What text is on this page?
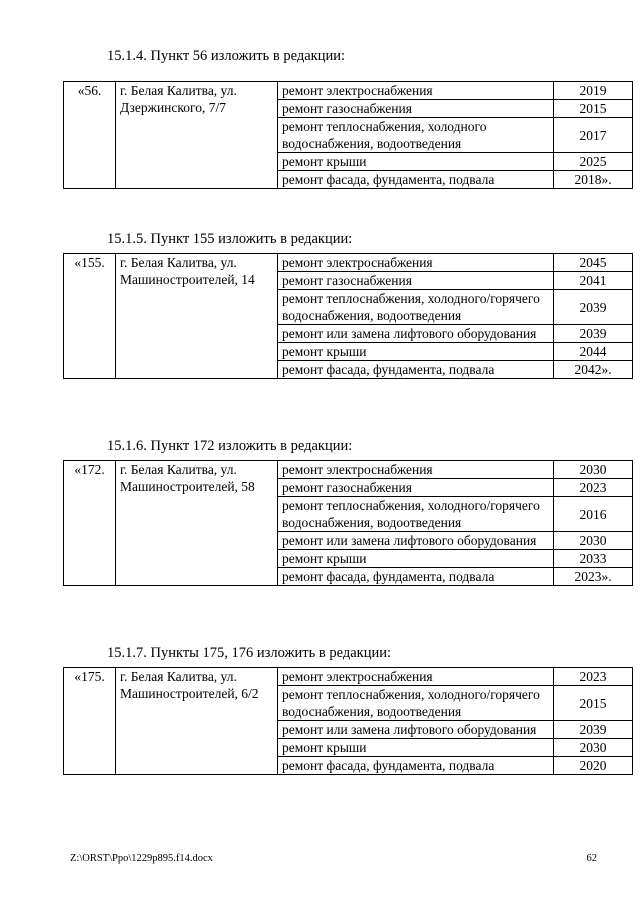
15.1.4. Пункт 56 изложить в редакции:
«56.	г. Белая Калитва, ул. Дзержинского, 7/7	ремонт электроснабжения	2019
		ремонт газоснабжения	2015
		ремонт теплоснабжения, холодного водоснабжения, водоотведения	2017
		ремонт крыши	2025
		ремонт фасада, фундамента, подвала	2018».
15.1.5. Пункт 155 изложить в редакции:
«155.	г. Белая Калитва, ул. Машиностроителей, 14	ремонт электроснабжения	2045
		ремонт газоснабжения	2041
		ремонт теплоснабжения, холодного/горячего водоснабжения, водоотведения	2039
		ремонт или замена лифтового оборудования	2039
		ремонт крыши	2044
		ремонт фасада, фундамента, подвала	2042».
15.1.6. Пункт 172 изложить в редакции:
«172.	г. Белая Калитва, ул. Машиностроителей, 58	ремонт электроснабжения	2030
		ремонт газоснабжения	2023
		ремонт теплоснабжения, холодного/горячего водоснабжения, водоотведения	2016
		ремонт или замена лифтового оборудования	2030
		ремонт крыши	2033
		ремонт фасада, фундамента, подвала	2023».
15.1.7. Пункты 175, 176 изложить в редакции:
«175.	г. Белая Калитва, ул. Машиностроителей, 6/2	ремонт электроснабжения	2023
		ремонт теплоснабжения, холодного/горячего водоснабжения, водоотведения	2015
		ремонт или замена лифтового оборудования	2039
		ремонт крыши	2030
		ремонт фасада, фундамента, подвала	2020
Z:\ORST\Ppo\1229p895.f14.docx	62
